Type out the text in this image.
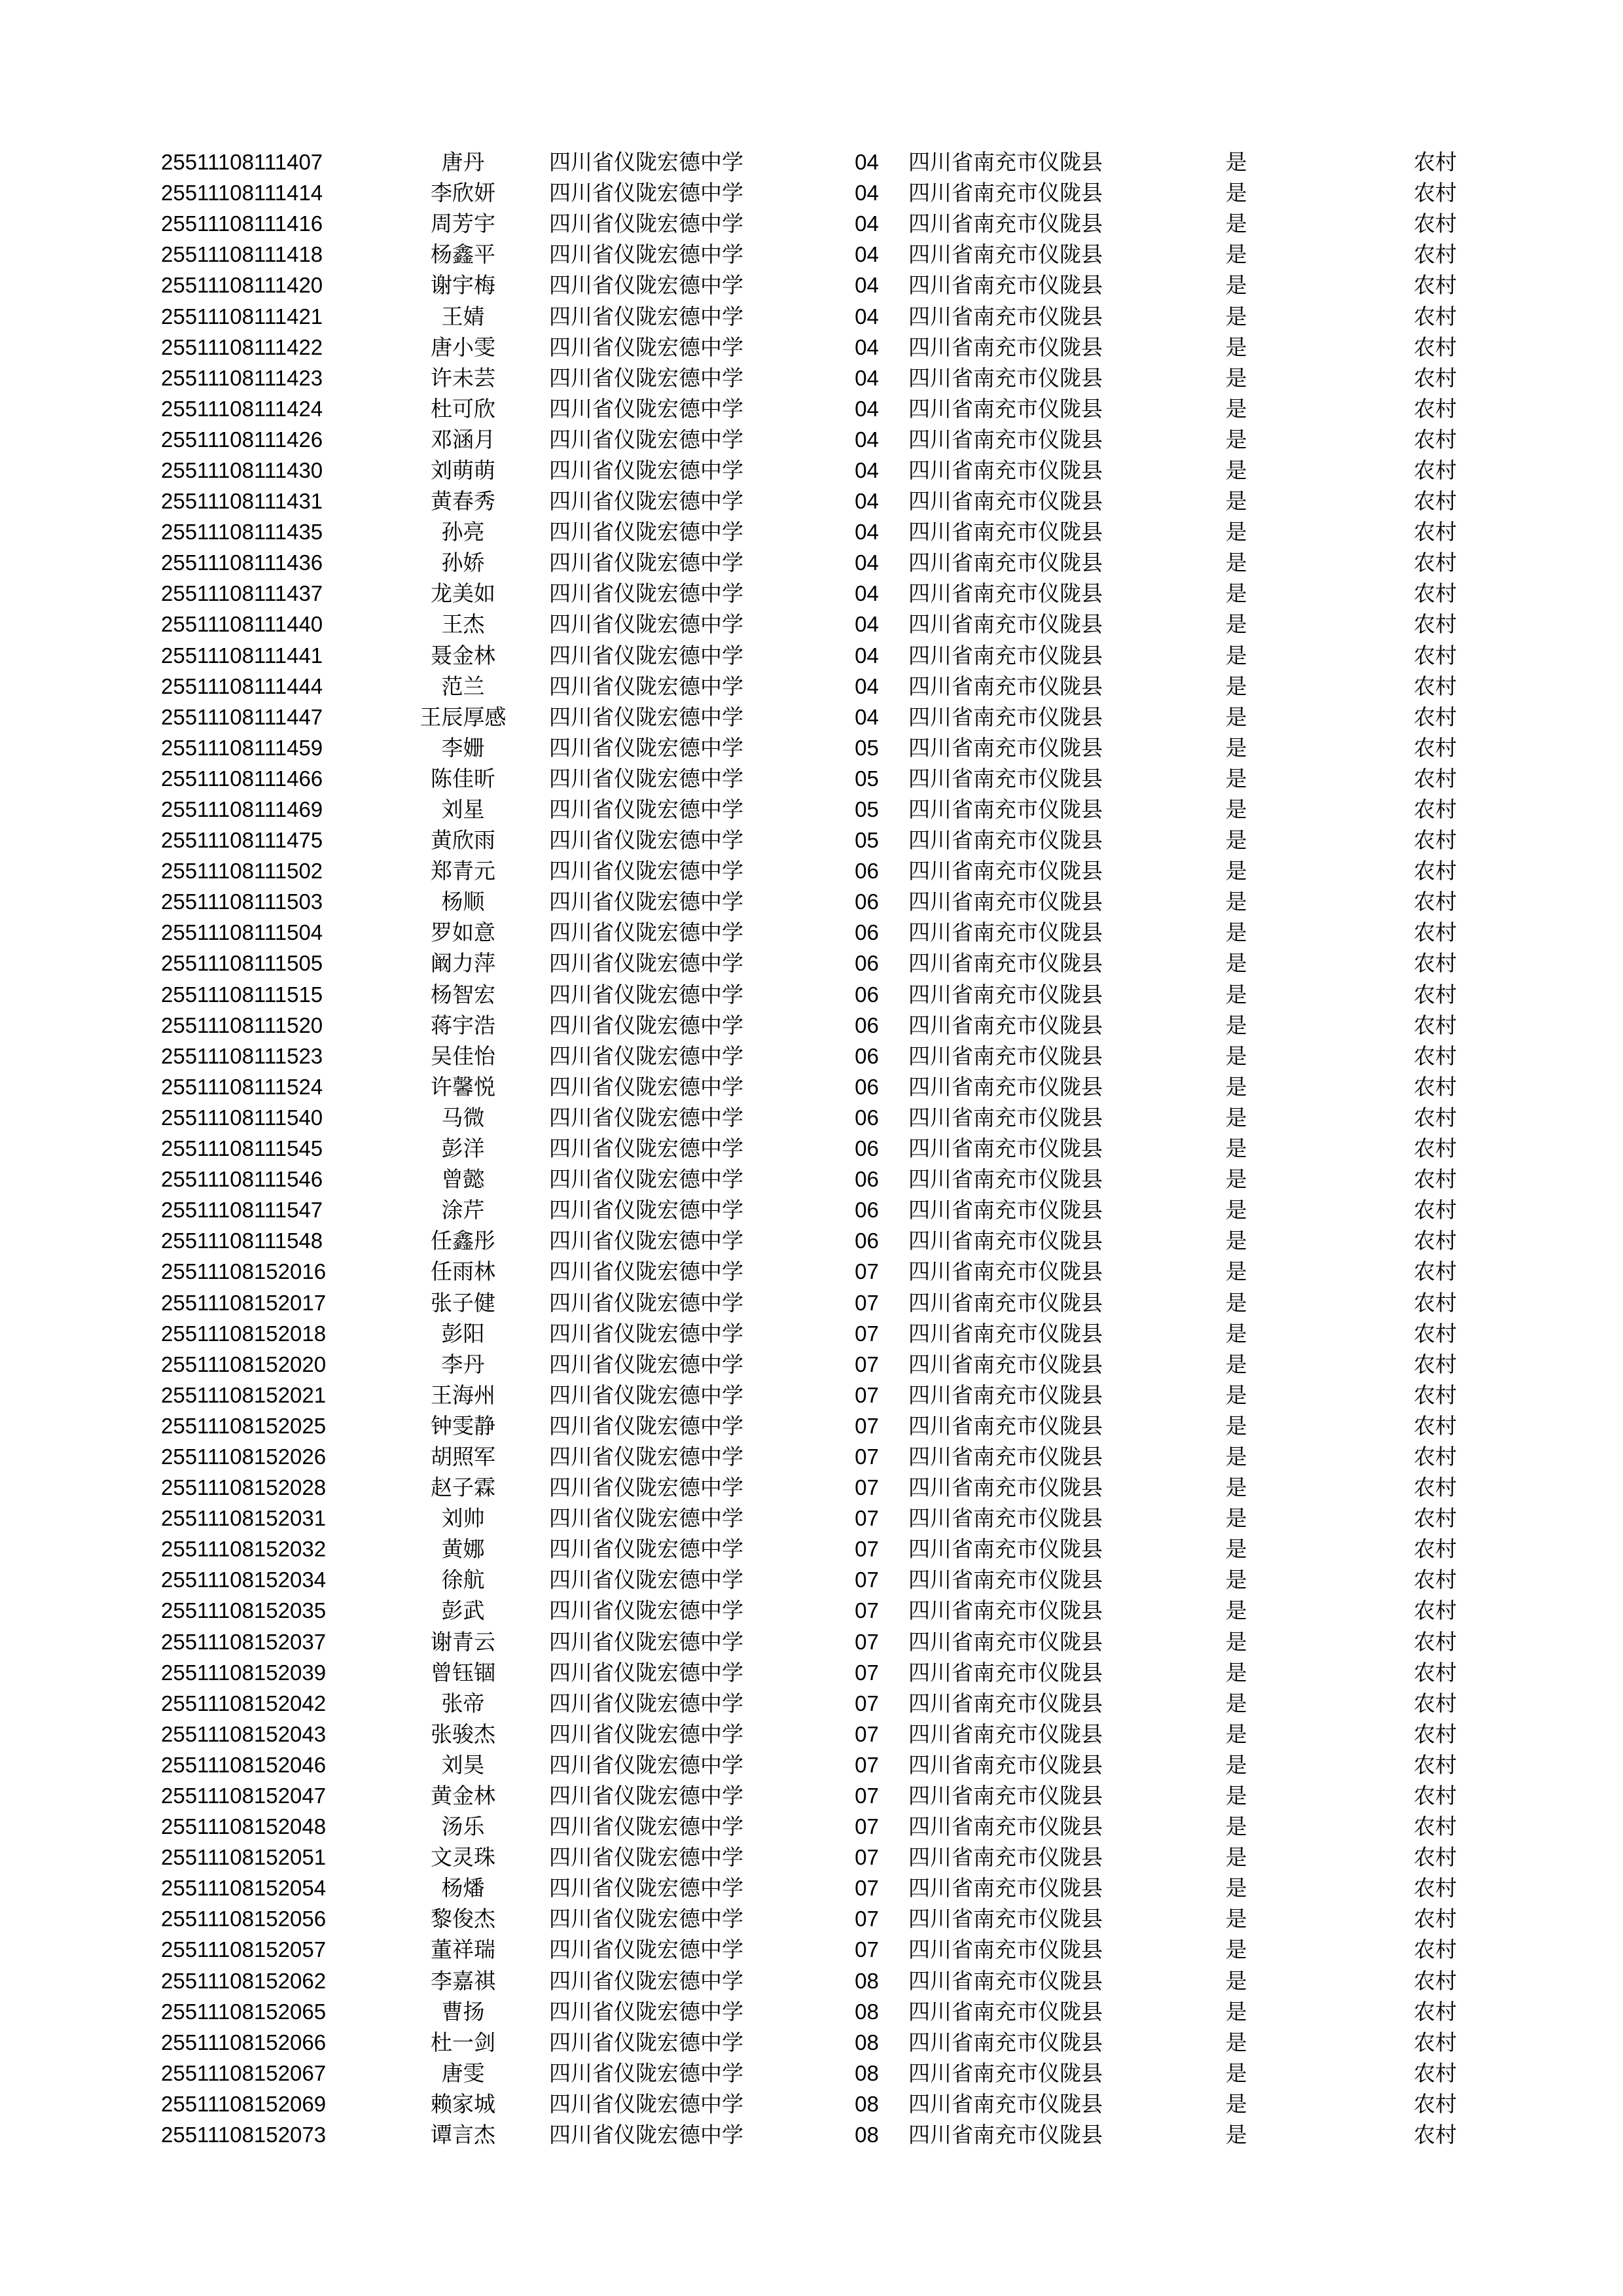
25511108111407	唐丹	四川省仪陇宏德中学	04	四川省南充市仪陇县	是	农村
25511108111414	李欣妍	四川省仪陇宏德中学	04	四川省南充市仪陇县	是	农村
25511108111416	周芳宇	四川省仪陇宏德中学	04	四川省南充市仪陇县	是	农村
25511108111418	杨鑫平	四川省仪陇宏德中学	04	四川省南充市仪陇县	是	农村
25511108111420	谢宇梅	四川省仪陇宏德中学	04	四川省南充市仪陇县	是	农村
25511108111421	王婧	四川省仪陇宏德中学	04	四川省南充市仪陇县	是	农村
25511108111422	唐小雯	四川省仪陇宏德中学	04	四川省南充市仪陇县	是	农村
25511108111423	许未芸	四川省仪陇宏德中学	04	四川省南充市仪陇县	是	农村
25511108111424	杜可欣	四川省仪陇宏德中学	04	四川省南充市仪陇县	是	农村
25511108111426	邓涵月	四川省仪陇宏德中学	04	四川省南充市仪陇县	是	农村
25511108111430	刘萌萌	四川省仪陇宏德中学	04	四川省南充市仪陇县	是	农村
25511108111431	黄春秀	四川省仪陇宏德中学	04	四川省南充市仪陇县	是	农村
25511108111435	孙亮	四川省仪陇宏德中学	04	四川省南充市仪陇县	是	农村
25511108111436	孙娇	四川省仪陇宏德中学	04	四川省南充市仪陇县	是	农村
25511108111437	龙美如	四川省仪陇宏德中学	04	四川省南充市仪陇县	是	农村
25511108111440	王杰	四川省仪陇宏德中学	04	四川省南充市仪陇县	是	农村
25511108111441	聂金林	四川省仪陇宏德中学	04	四川省南充市仪陇县	是	农村
25511108111444	范兰	四川省仪陇宏德中学	04	四川省南充市仪陇县	是	农村
25511108111447	王辰厚感	四川省仪陇宏德中学	04	四川省南充市仪陇县	是	农村
25511108111459	李姗	四川省仪陇宏德中学	05	四川省南充市仪陇县	是	农村
25511108111466	陈佳昕	四川省仪陇宏德中学	05	四川省南充市仪陇县	是	农村
25511108111469	刘星	四川省仪陇宏德中学	05	四川省南充市仪陇县	是	农村
25511108111475	黄欣雨	四川省仪陇宏德中学	05	四川省南充市仪陇县	是	农村
25511108111502	郑青元	四川省仪陇宏德中学	06	四川省南充市仪陇县	是	农村
25511108111503	杨顺	四川省仪陇宏德中学	06	四川省南充市仪陇县	是	农村
25511108111504	罗如意	四川省仪陇宏德中学	06	四川省南充市仪陇县	是	农村
25511108111505	阚力萍	四川省仪陇宏德中学	06	四川省南充市仪陇县	是	农村
25511108111515	杨智宏	四川省仪陇宏德中学	06	四川省南充市仪陇县	是	农村
25511108111520	蒋宇浩	四川省仪陇宏德中学	06	四川省南充市仪陇县	是	农村
25511108111523	吴佳怡	四川省仪陇宏德中学	06	四川省南充市仪陇县	是	农村
25511108111524	许馨悦	四川省仪陇宏德中学	06	四川省南充市仪陇县	是	农村
25511108111540	马微	四川省仪陇宏德中学	06	四川省南充市仪陇县	是	农村
25511108111545	彭洋	四川省仪陇宏德中学	06	四川省南充市仪陇县	是	农村
25511108111546	曾懿	四川省仪陇宏德中学	06	四川省南充市仪陇县	是	农村
25511108111547	涂芹	四川省仪陇宏德中学	06	四川省南充市仪陇县	是	农村
25511108111548	任鑫彤	四川省仪陇宏德中学	06	四川省南充市仪陇县	是	农村
25511108152016	任雨林	四川省仪陇宏德中学	07	四川省南充市仪陇县	是	农村
25511108152017	张子健	四川省仪陇宏德中学	07	四川省南充市仪陇县	是	农村
25511108152018	彭阳	四川省仪陇宏德中学	07	四川省南充市仪陇县	是	农村
25511108152020	李丹	四川省仪陇宏德中学	07	四川省南充市仪陇县	是	农村
25511108152021	王海州	四川省仪陇宏德中学	07	四川省南充市仪陇县	是	农村
25511108152025	钟雯静	四川省仪陇宏德中学	07	四川省南充市仪陇县	是	农村
25511108152026	胡照军	四川省仪陇宏德中学	07	四川省南充市仪陇县	是	农村
25511108152028	赵子霖	四川省仪陇宏德中学	07	四川省南充市仪陇县	是	农村
25511108152031	刘帅	四川省仪陇宏德中学	07	四川省南充市仪陇县	是	农村
25511108152032	黄娜	四川省仪陇宏德中学	07	四川省南充市仪陇县	是	农村
25511108152034	徐航	四川省仪陇宏德中学	07	四川省南充市仪陇县	是	农村
25511108152035	彭武	四川省仪陇宏德中学	07	四川省南充市仪陇县	是	农村
25511108152037	谢青云	四川省仪陇宏德中学	07	四川省南充市仪陇县	是	农村
25511108152039	曾钰锢	四川省仪陇宏德中学	07	四川省南充市仪陇县	是	农村
25511108152042	张帝	四川省仪陇宏德中学	07	四川省南充市仪陇县	是	农村
25511108152043	张骏杰	四川省仪陇宏德中学	07	四川省南充市仪陇县	是	农村
25511108152046	刘昊	四川省仪陇宏德中学	07	四川省南充市仪陇县	是	农村
25511108152047	黄金林	四川省仪陇宏德中学	07	四川省南充市仪陇县	是	农村
25511108152048	汤乐	四川省仪陇宏德中学	07	四川省南充市仪陇县	是	农村
25511108152051	文灵珠	四川省仪陇宏德中学	07	四川省南充市仪陇县	是	农村
25511108152054	杨燔	四川省仪陇宏德中学	07	四川省南充市仪陇县	是	农村
25511108152056	黎俊杰	四川省仪陇宏德中学	07	四川省南充市仪陇县	是	农村
25511108152057	董祥瑞	四川省仪陇宏德中学	07	四川省南充市仪陇县	是	农村
25511108152062	李嘉祺	四川省仪陇宏德中学	08	四川省南充市仪陇县	是	农村
25511108152065	曹扬	四川省仪陇宏德中学	08	四川省南充市仪陇县	是	农村
25511108152066	杜一剑	四川省仪陇宏德中学	08	四川省南充市仪陇县	是	农村
25511108152067	唐雯	四川省仪陇宏德中学	08	四川省南充市仪陇县	是	农村
25511108152069	赖家城	四川省仪陇宏德中学	08	四川省南充市仪陇县	是	农村
25511108152073	谭言杰	四川省仪陇宏德中学	08	四川省南充市仪陇县	是	农村
